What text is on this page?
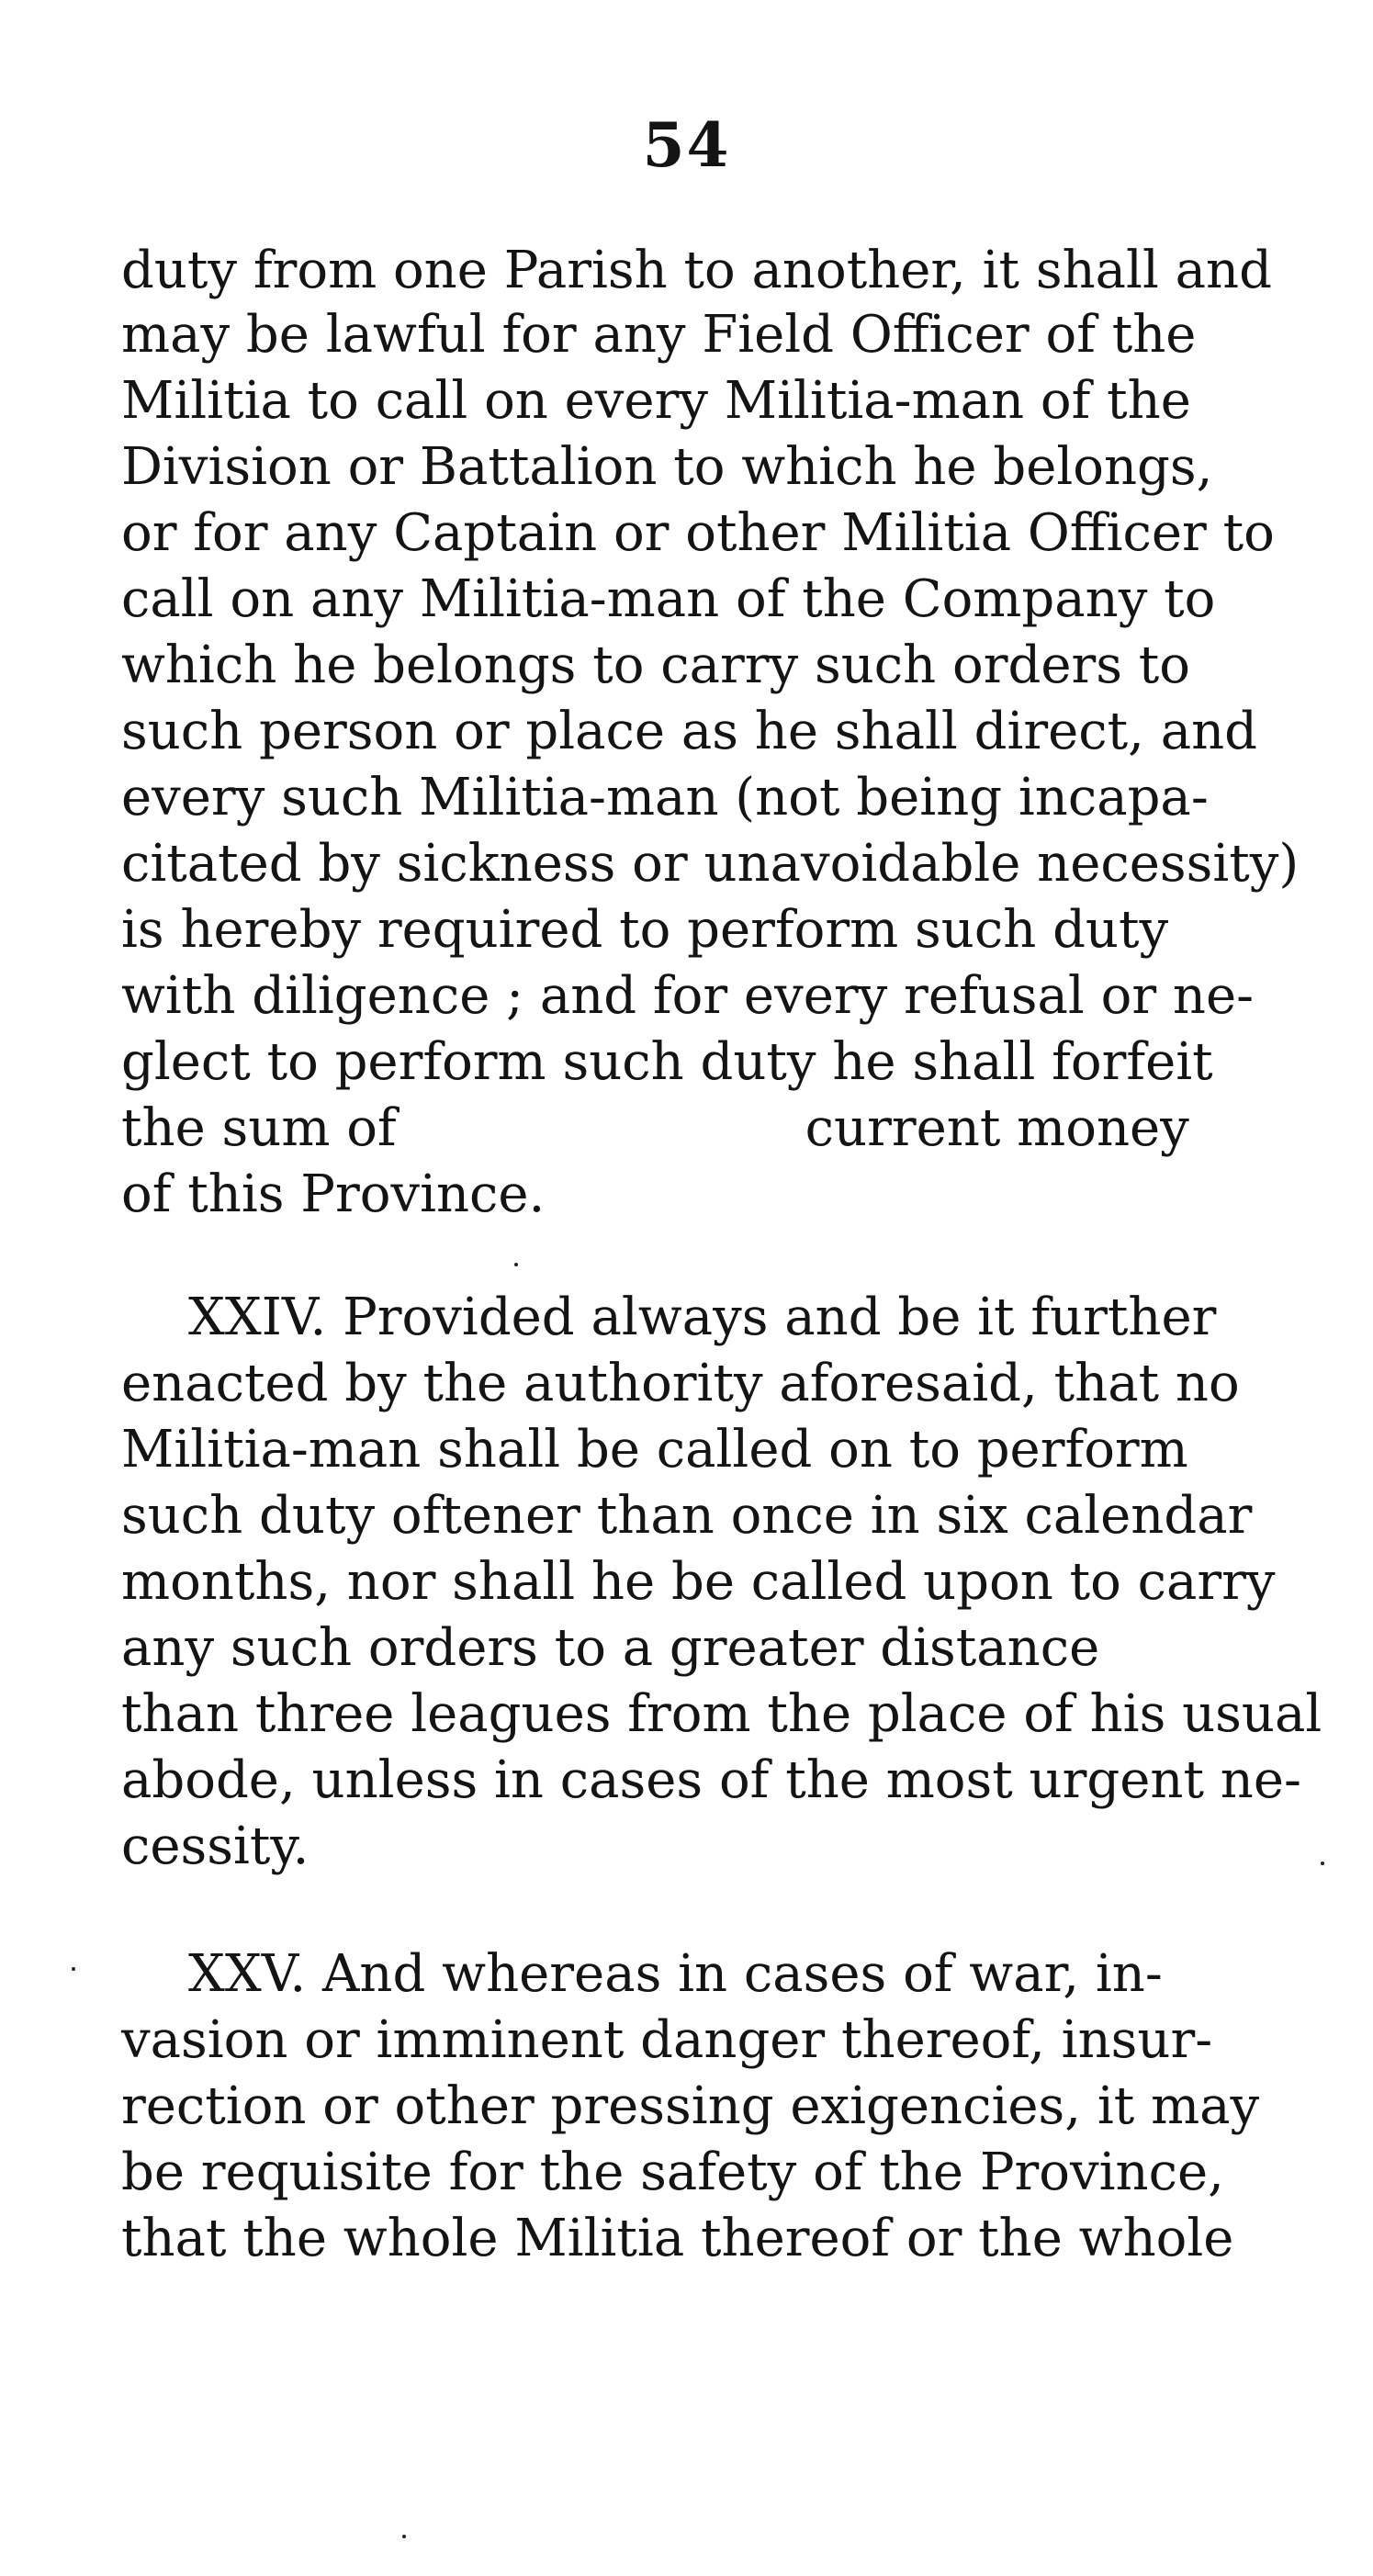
54
duty from one Parish to another, it shall and
may be lawful for any Field Officer of the
Militia to call on every Militia-man of the
Division or Battalion to which he belongs,
or for any Captain or other Militia Officer to
call on any Militia-man of the Company to
which he belongs to carry such orders to
such person or place as he shall direct, and
every such Militia-man (not being incapa-
citated by sickness or unavoidable necessity)
is hereby required to perform such duty
with diligence ; and for every refusal or ne-
glect to perform such duty he shall forfeit
the sum of                         current money
of this Province.
XXIV. Provided always and be it further
enacted by the authority aforesaid, that no
Militia-man shall be called on to perform
such duty oftener than once in six calendar
months, nor shall he be called upon to carry
any such orders to a greater distance
than three leagues from the place of his usual
abode, unless in cases of the most urgent ne-
cessity.
XXV. And whereas in cases of war, in-
vasion or imminent danger thereof, insur-
rection or other pressing exigencies, it may
be requisite for the safety of the Province,
that the whole Militia thereof or the whole
